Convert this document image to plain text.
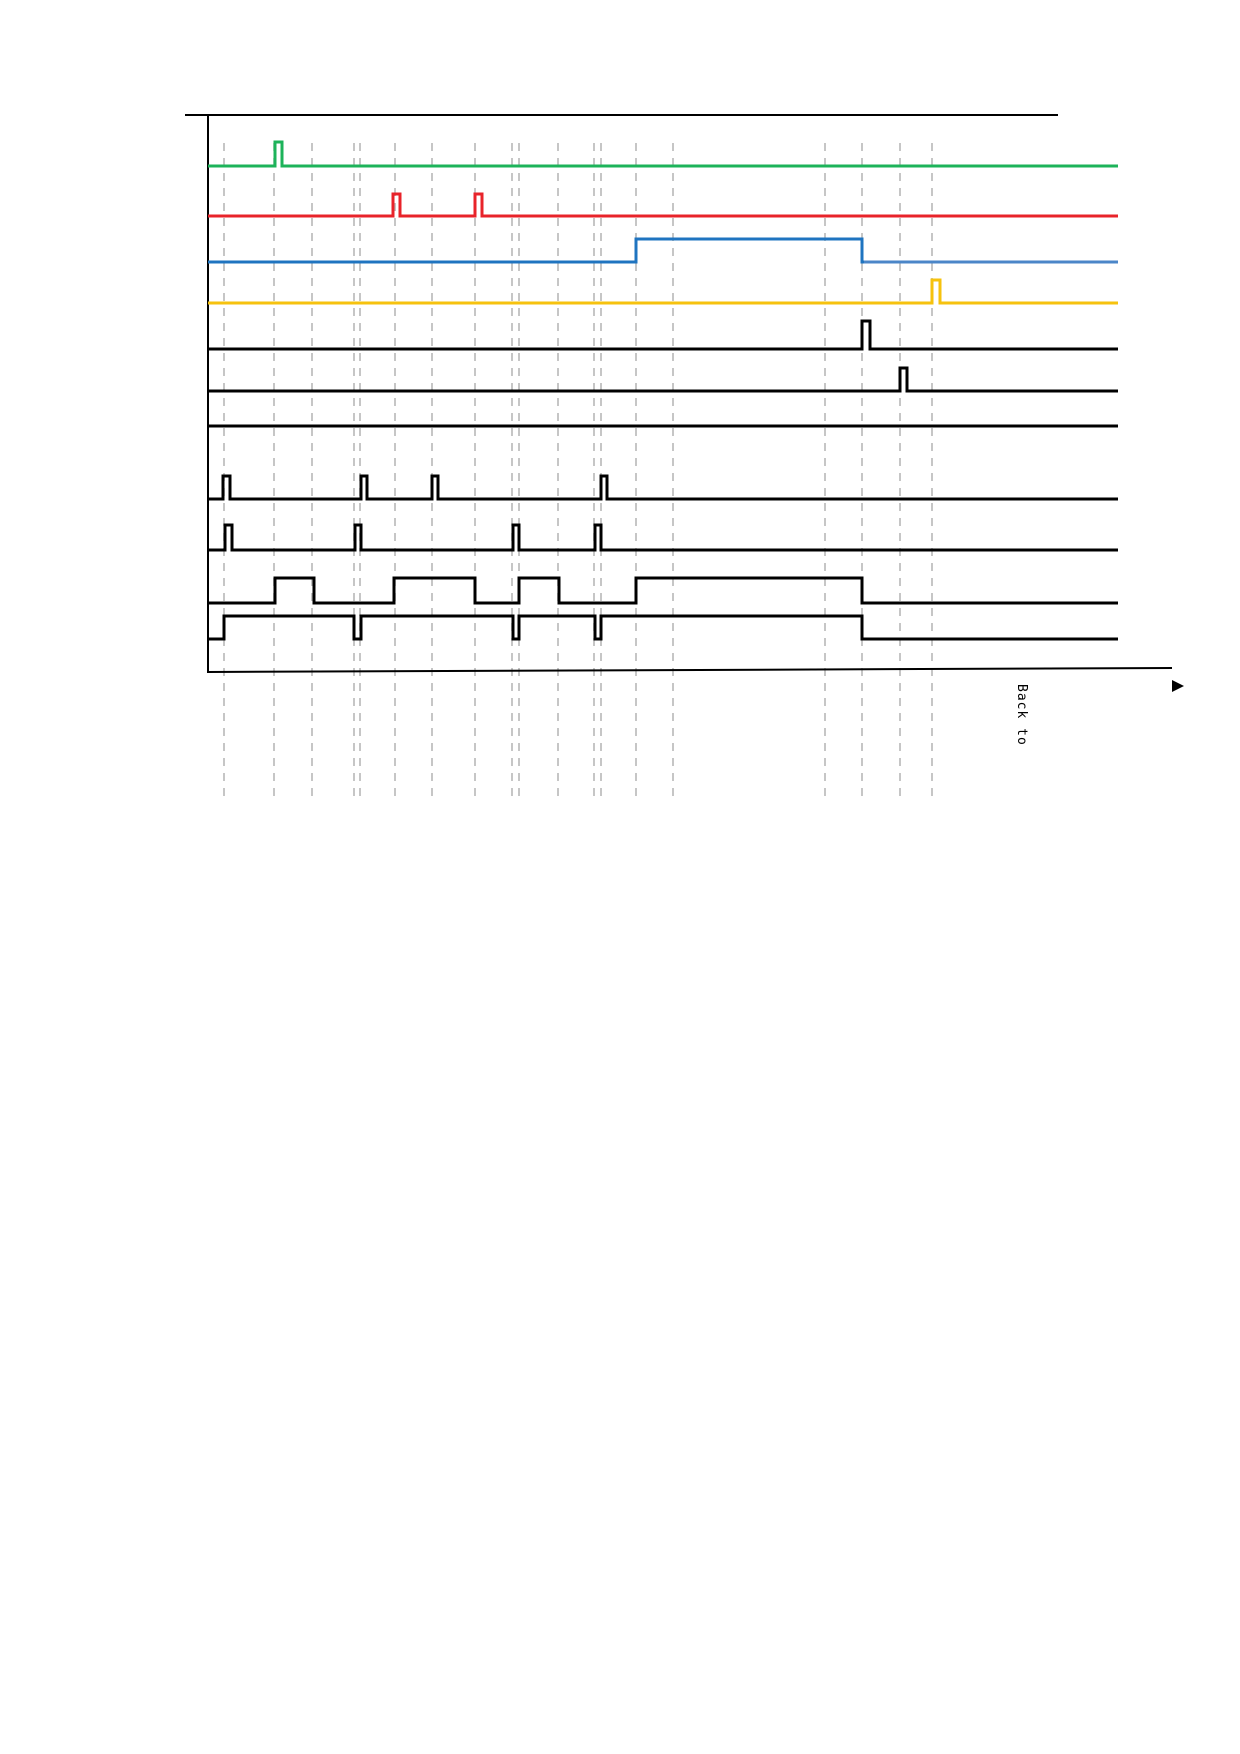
Back to
